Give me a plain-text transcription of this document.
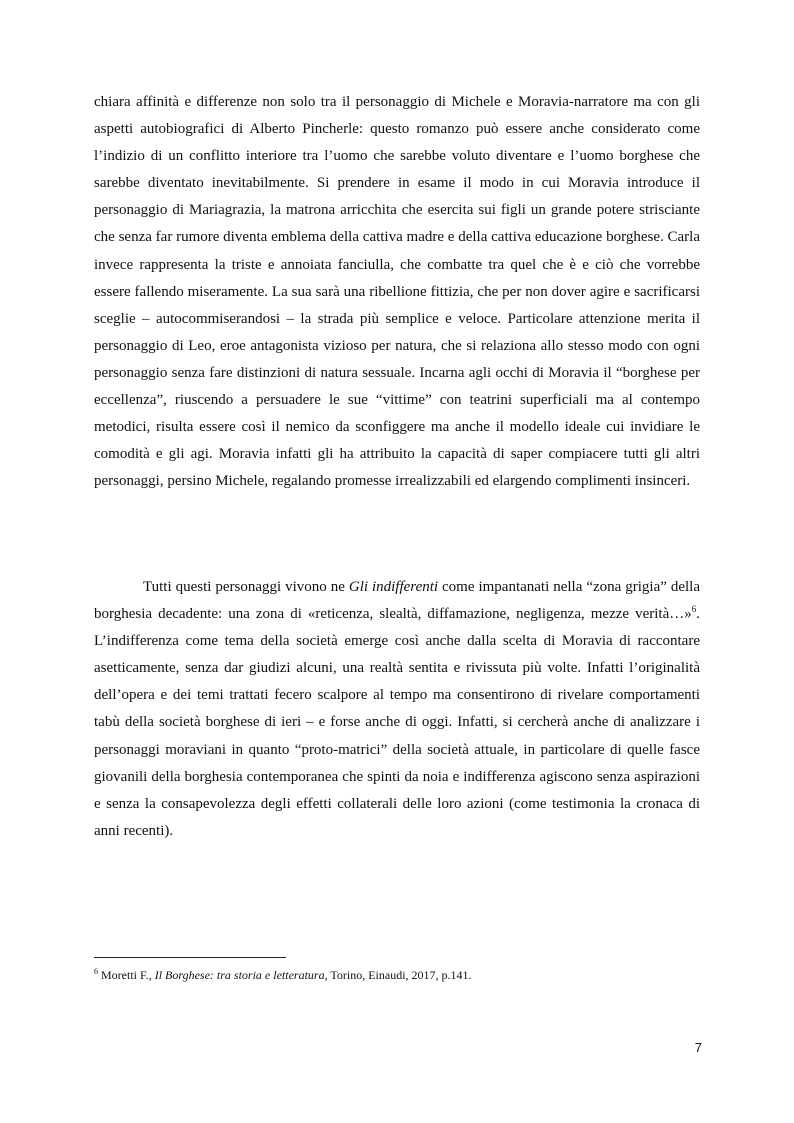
chiara affinità e differenze non solo tra il personaggio di Michele e Moravia-narratore ma con gli aspetti autobiografici di Alberto Pincherle: questo romanzo può essere anche considerato come l’indizio di un conflitto interiore tra l’uomo che sarebbe voluto diventare e l’uomo borghese che sarebbe diventato inevitabilmente. Si prendere in esame il modo in cui Moravia introduce il personaggio di Mariagrazia, la matrona arricchita che esercita sui figli un grande potere strisciante che senza far rumore diventa emblema della cattiva madre e della cattiva educazione borghese. Carla invece rappresenta la triste e annoiata fanciulla, che combatte tra quel che è e ciò che vorrebbe essere fallendo miseramente. La sua sarà una ribellione fittizia, che per non dover agire e sacrificarsi sceglie – autocommiserandosi – la strada più semplice e veloce. Particolare attenzione merita il personaggio di Leo, eroe antagonista vizioso per natura, che si relaziona allo stesso modo con ogni personaggio senza fare distinzioni di natura sessuale. Incarna agli occhi di Moravia il “borghese per eccellenza”, riuscendo a persuadere le sue “vittime” con teatrini superficiali ma al contempo metodici, risulta essere così il nemico da sconfiggere ma anche il modello ideale cui invidiare le comodità e gli agi. Moravia infatti gli ha attribuito la capacità di saper compiacere tutti gli altri personaggi, persino Michele, regalando promesse irrealizzabili ed elargendo complimenti insinceri.

Tutti questi personaggi vivono ne Gli indifferenti come impantanati nella “zona grigia” della borghesia decadente: una zona di «reticenza, slealtà, diffamazione, negligenza, mezze verità…»$^6$. L’indifferenza come tema della società emerge così anche dalla scelta di Moravia di raccontare asetticamente, senza dar giudizi alcuni, una realtà sentita e rivissuta più volte. Infatti l’originalità dell’opera e dei temi trattati fecero scalpore al tempo ma consentirono di rivelare comportamenti tabù della società borghese di ieri – e forse anche di oggi. Infatti, si cercherà anche di analizzare i personaggi moraviani in quanto “proto-matrici” della società attuale, in particolare di quelle fasce giovanili della borghesia contemporanea che spinti da noia e indifferenza agiscono senza aspirazioni e senza la consapevolezza degli effetti collaterali delle loro azioni (come testimonia la cronaca di anni recenti).

$^6$ Moretti F., Il Borghese: tra storia e letteratura, Torino, Einaudi, 2017, p.141.

7
